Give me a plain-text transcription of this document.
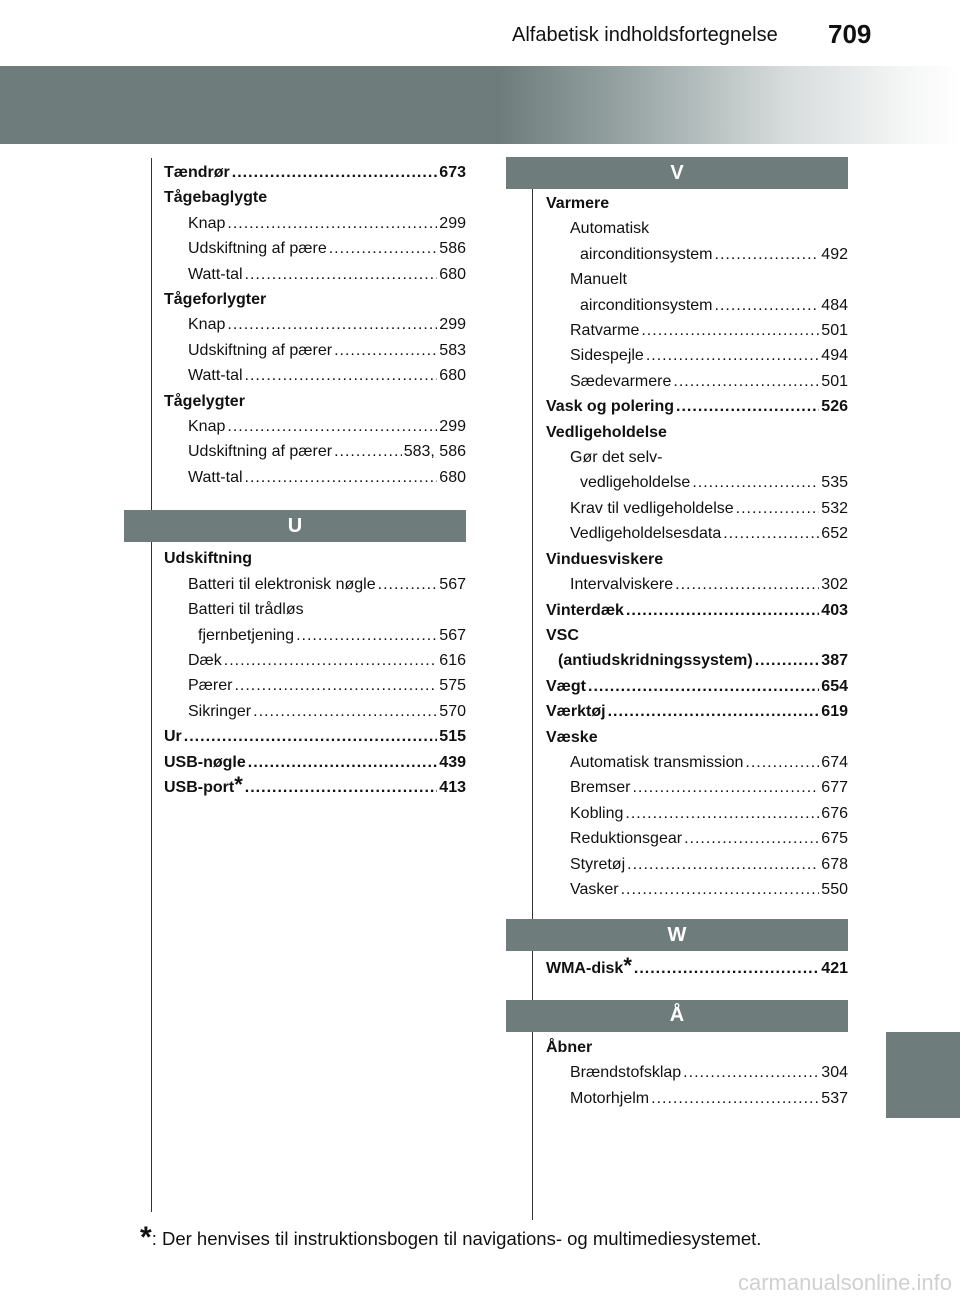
Alfabetisk indholdsfortegnelse 709
Tændrør .....	673
Tågebaglygte
Knap .....	299
Udskiftning af pære .....	586
Watt-tal .....	680
Tågeforlygter
Knap .....	299
Udskiftning af pærer .....	583
Watt-tal .....	680
Tågelygter
Knap .....	299
Udskiftning af pærer .....	583, 586
Watt-tal .....	680
U
Udskiftning
Batteri til elektronisk nøgle .....	567
Batteri til trådløs
fjernbetjening .....	567
Dæk .....	616
Pærer .....	575
Sikringer .....	570
Ur .....	515
USB-nøgle .....	439
USB-port * .....	413
V
Varmere
Automatisk
airconditionsystem .....	492
Manuelt
airconditionsystem .....	484
Ratvarme .....	501
Sidespejle .....	494
Sædevarmere .....	501
Vask og polering .....	526
Vedligeholdelse
Gør det selv-
vedligeholdelse .....	535
Krav til vedligeholdelse .....	532
Vedligeholdelsesdata .....	652
Vinduesviskere
Intervalviskere .....	302
Vinterdæk .....	403
VSC
(antiudskridningssystem) .....	387
Vægt .....	654
Værktøj .....	619
Væske
Automatisk transmission .....	674
Bremser .....	677
Kobling .....	676
Reduktionsgear .....	675
Styretøj .....	678
Vasker .....	550
W
WMA-disk * .....	421
Å
Åbner
Brændstofsklap .....	304
Motorhjelm .....	537
*: Der henvises til instruktionsbogen til navigations- og multimediesystemet.
carmanualsonline.info
